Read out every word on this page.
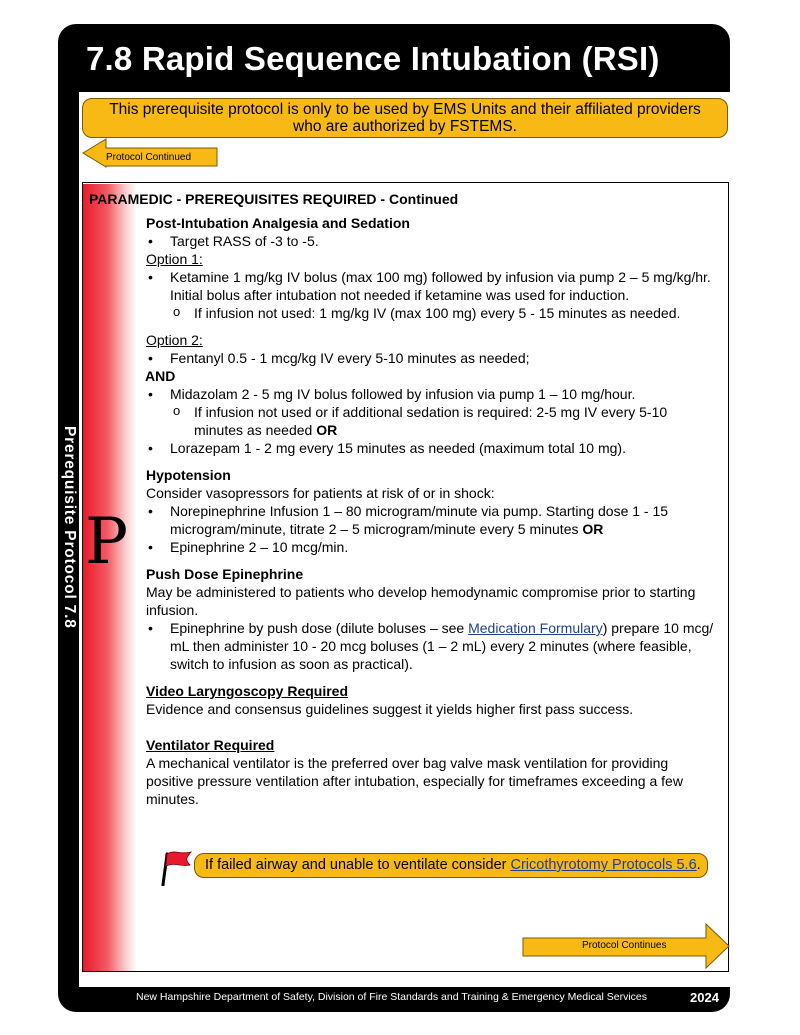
7.8 Rapid Sequence Intubation (RSI)
This prerequisite protocol is only to be used by EMS Units and their affiliated providers
who are authorized by FSTEMS.
Protocol Continued
P
Prerequisite Protocol 7.8
PARAMEDIC - PREREQUISITES REQUIRED - Continued

Post-Intubation Analgesia and Sedation

• Target RASS of -3 to -5.

Option 1:

• Ketamine 1 mg/kg IV bolus (max 100 mg) followed by infusion via pump 2 – 5 mg/kg/hr.
Initial bolus after intubation not needed if ketamine was used for induction.

o If infusion not used: 1 mg/kg IV (max 100 mg) every 5 - 15 minutes as needed.

Option 2:

• Fentanyl 0.5 - 1 mcg/kg IV every 5-10 minutes as needed;

AND

• Midazolam 2 - 5 mg IV bolus followed by infusion via pump 1 – 10 mg/hour.

o If infusion not used or if additional sedation is required: 2-5 mg IV every 5-10
minutes as needed OR

• Lorazepam 1 - 2 mg every 15 minutes as needed (maximum total 10 mg).

Hypotension

Consider vasopressors for patients at risk of or in shock:

• Norepinephrine Infusion 1 – 80 microgram/minute via pump. Starting dose 1 - 15
microgram/minute, titrate 2 – 5 microgram/minute every 5 minutes OR

• Epinephrine 2 – 10 mcg/min.

Push Dose Epinephrine

May be administered to patients who develop hemodynamic compromise prior to starting
infusion.

• Epinephrine by push dose (dilute boluses – see Medication Formulary) prepare 10 mcg/
mL then administer 10 - 20 mcg boluses (1 – 2 mL) every 2 minutes (where feasible,
switch to infusion as soon as practical).

Video Laryngoscopy Required

Evidence and consensus guidelines suggest it yields higher first pass success.

Ventilator Required

A mechanical ventilator is the preferred over bag valve mask ventilation for providing
positive pressure ventilation after intubation, especially for timeframes exceeding a few
minutes.

If failed airway and unable to ventilate consider Cricothyrotomy Protocols 5.6.
Protocol Continues
New Hampshire Department of Safety, Division of Fire Standards and Training & Emergency Medical Services	2024
